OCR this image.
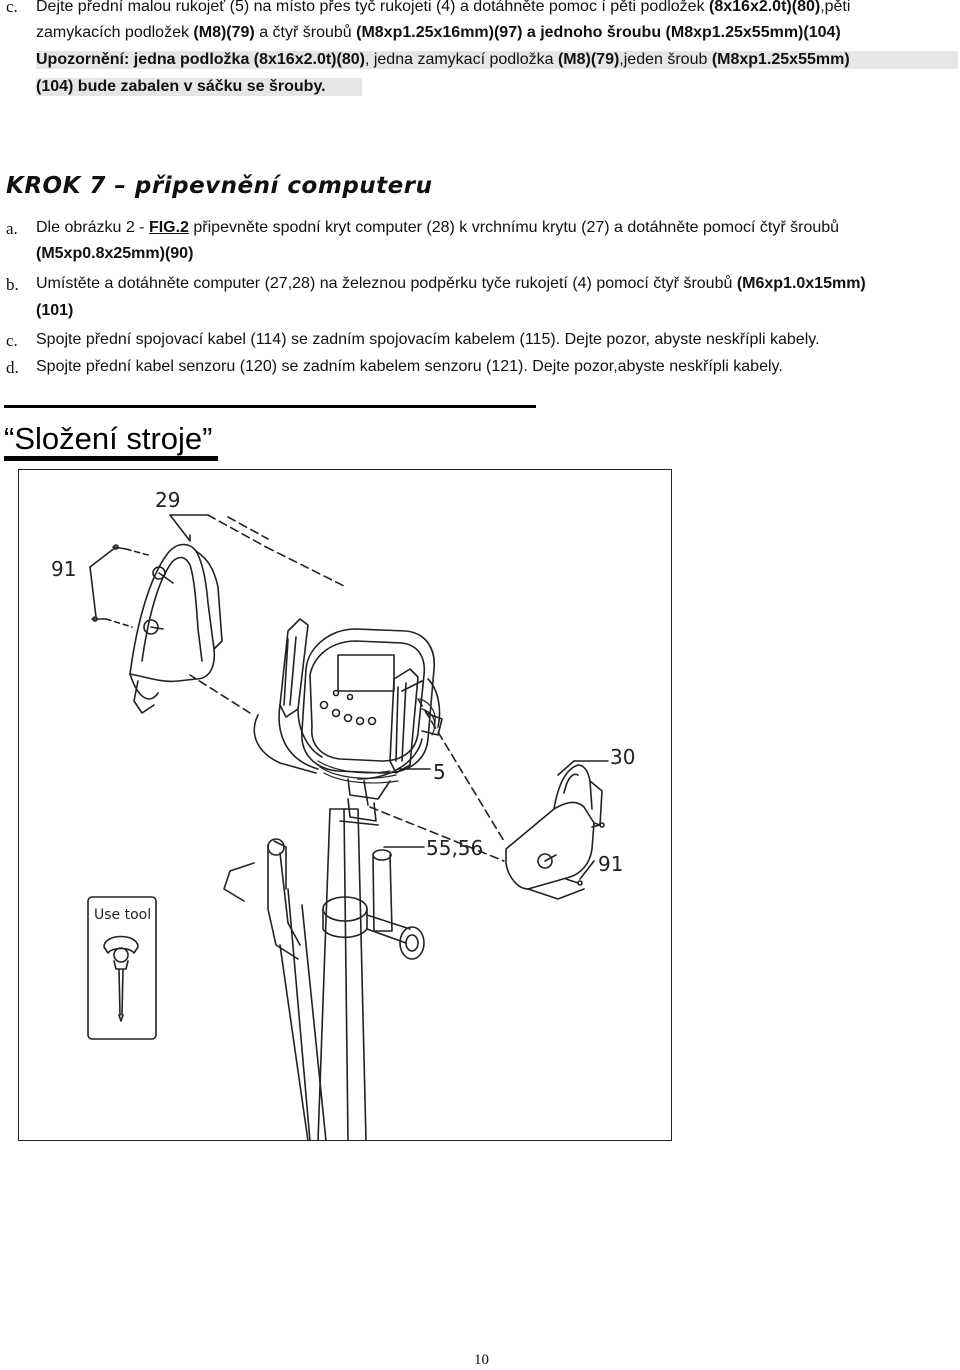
c. Dejte přední malou rukojeť (5) na místo přes tyč rukojeti (4) a dotáhněte pomoc í pěti podložek (8x16x2.0t)(80),pěti
zamykacích podložek (M8)(79) a čtyř šroubů (M8xp1.25x16mm)(97) a jednoho šroubu (M8xp1.25x55mm)(104)
Upozornění: jedna podložka (8x16x2.0t)(80), jedna zamykací podložka (M8)(79),jeden šroub (M8xp1.25x55mm)
(104) bude zabalen v sáčku se šrouby.
KROK 7 – připevnění computeru
a. Dle obrázku 2 - FIG.2 připevněte spodní kryt computer (28) k vrchnímu krytu (27) a dotáhněte pomocí čtyř šroubů
(M5xp0.8x25mm)(90)
b. Umístěte a dotáhněte computer (27,28) na železnou podpěrku tyče rukojetí (4) pomocí čtyř šroubů (M6xp1.0x15mm)
(101)
c. Spojte přední spojovací kabel (114) se zadním spojovacím kabelem (115). Dejte pozor, abyste neskřípli kabely.
d. Spojte přední kabel senzoru (120) se zadním kabelem senzoru (121). Dejte pozor,abyste neskřípli kabely.
“Složení stroje”
29
91
5
55,56
30
91
Use tool
10
